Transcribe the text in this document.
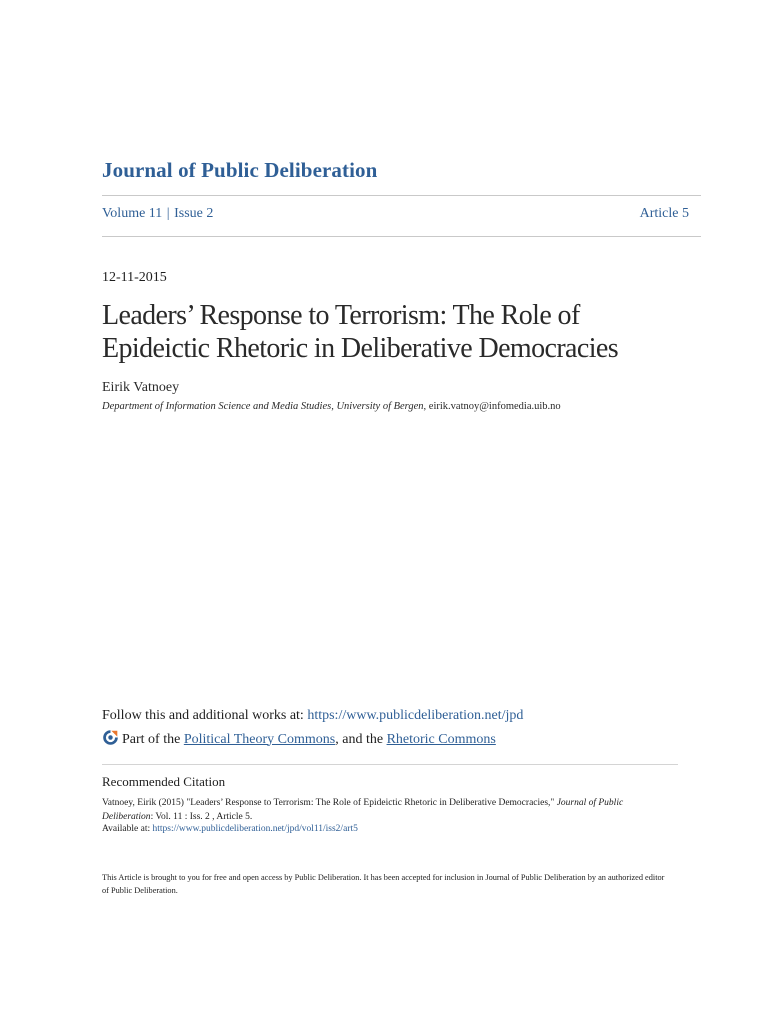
Journal of Public Deliberation
Volume 11 | Issue 2	Article 5
12-11-2015
Leaders’ Response to Terrorism: The Role of
Epideictic Rhetoric in Deliberative Democracies
Eirik Vatnoey
Department of Information Science and Media Studies, University of Bergen, eirik.vatnoy@infomedia.uib.no
Follow this and additional works at: https://www.publicdeliberation.net/jpd
Part of the
Political Theory Commons , and the
Rhetoric Commons
Recommended Citation
Vatnoey, Eirik (2015) "Leaders’ Response to Terrorism: The Role of Epideictic Rhetoric in Deliberative Democracies," Journal of Public Deliberation: Vol. 11 : Iss. 2 , Article 5.
Available at: https://www.publicdeliberation.net/jpd/vol11/iss2/art5
This Article is brought to you for free and open access by Public Deliberation. It has been accepted for inclusion in Journal of Public Deliberation by an authorized editor of Public Deliberation.
